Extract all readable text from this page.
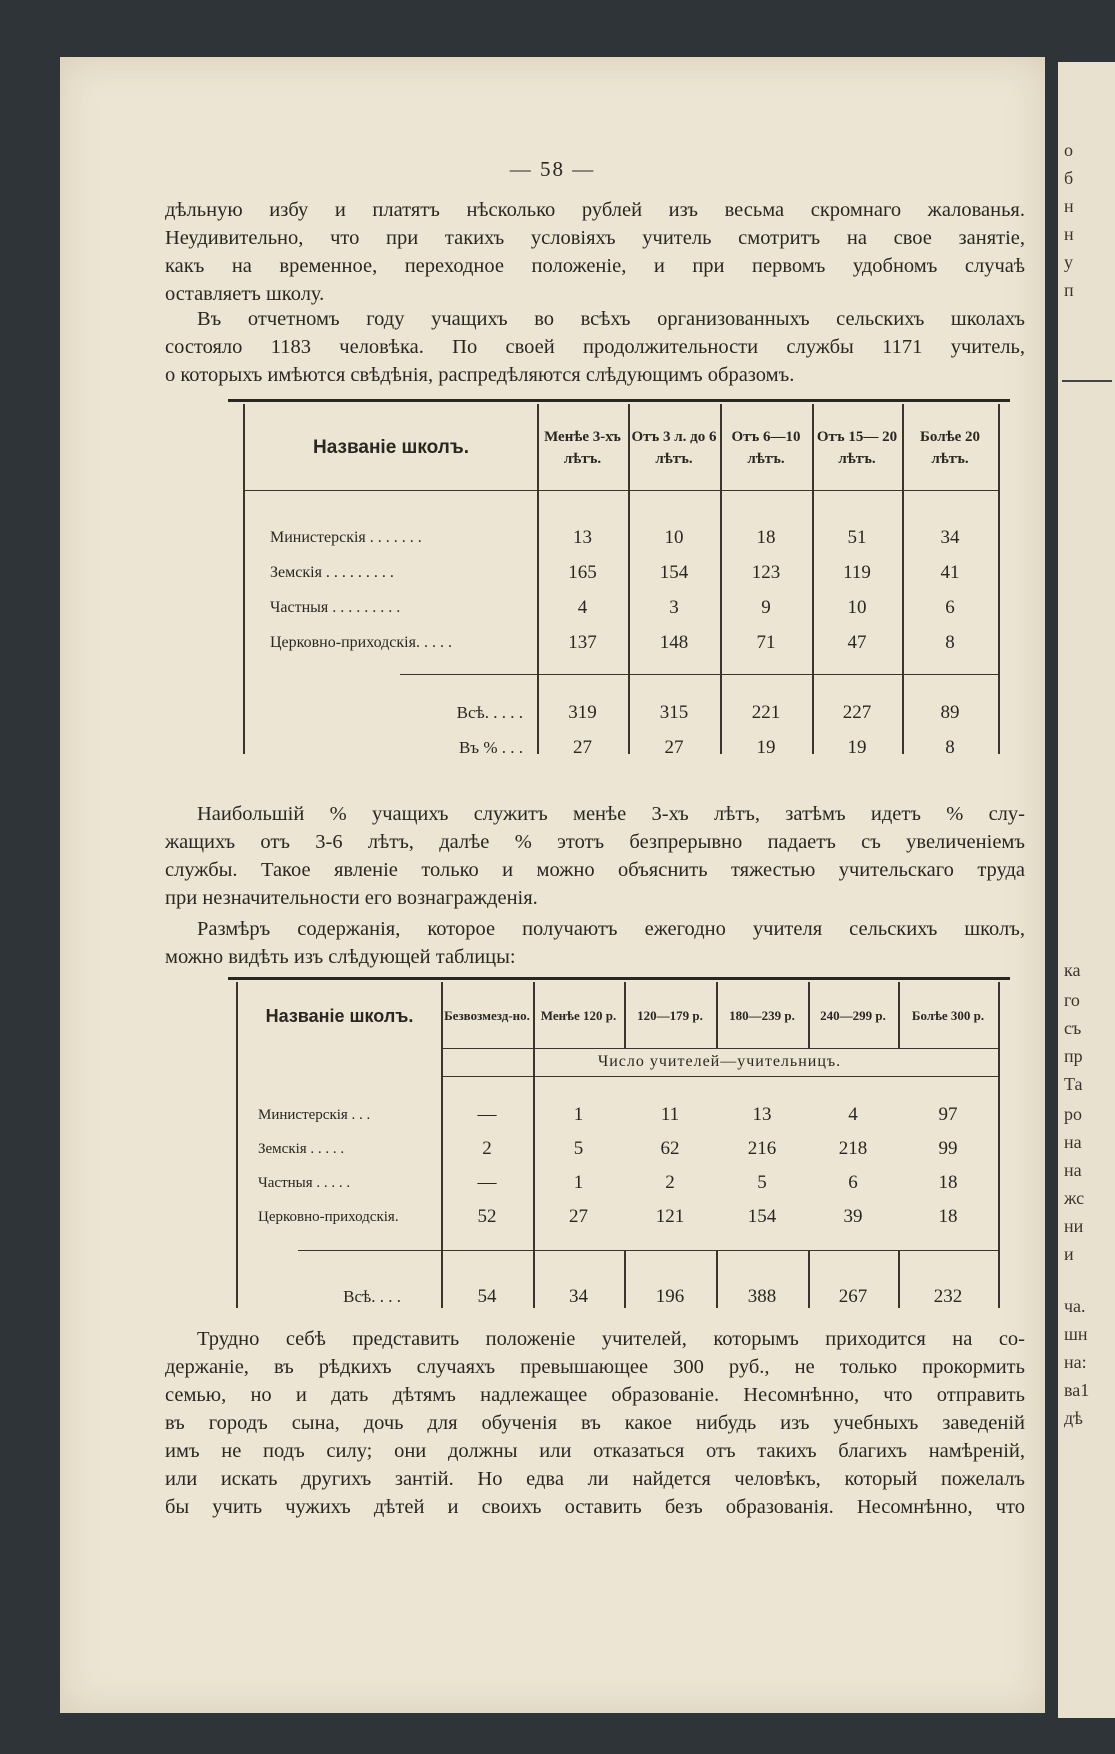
— 58 —
о
б
н
н
у
п
ка
го
съ
пр
Та
ро
на
на
жс
ни
и
ча.
шн
на:
ва1
дѣ
дѣльную избу и платятъ нѣсколько рублей изъ весьма скромнаго жалованья.
Неудивительно, что при такихъ условіяхъ учитель смотритъ на свое занятіе,
какъ на временное, переходное положеніе, и при первомъ удобномъ случаѣ
оставляетъ школу.
Въ отчетномъ году учащихъ во всѣхъ организованныхъ сельскихъ школахъ
состояло 1183 человѣка. По своей продолжительности службы 1171 учитель,
о которыхъ имѣются свѣдѣнія, распредѣляются слѣдующимъ образомъ.
Названіе школъ.	Менѣе 3-хъ лѣтъ.	Отъ 3 л. до 6 лѣтъ.	Отъ 6—10 лѣтъ.	Отъ 15— 20 лѣтъ.	Болѣе 20 лѣтъ.

Министерскія . . . . . . .	13	10	18	51	34
Земскія . . . . . . . . .	165	154	123	119	41
Частныя . . . . . . . . .	4	3	9	10	6
Церковно-приходскія. . . . .	137	148	71	47	8

Всѣ. . . . .	319	315	221	227	89
Въ % . . .	27	27	19	19	8
Наибольшій % учащихъ служитъ менѣе 3-хъ лѣтъ, затѣмъ идетъ % слу-
жащихъ отъ 3-6 лѣтъ, далѣе % этотъ безпрерывно падаетъ съ увеличеніемъ
службы. Такое явленіе только и можно объяснить тяжестью учительскаго труда
при незначительности его вознагражденія.
Размѣръ содержанія, которое получаютъ ежегодно учителя сельскихъ школъ,
можно видѣть изъ слѣдующей таблицы:
Названіе школъ.	Безвозмезд-но.	Менѣе 120 р.	120—179 р.	180—239 р.	240—299 р.	Болѣе 300 р.
	Число учителей—учительницъ.					

Министерскія . . .	—	1	11	13	4	97
Земскія . . . . .	2	5	62	216	218	99
Частныя . . . . .	—	1	2	5	6	18
Церковно-приходскія.	52	27	121	154	39	18

Всѣ. . . .	54	34	196	388	267	232
Трудно себѣ представить положеніе учителей, которымъ приходится на со-
держаніе, въ рѣдкихъ случаяхъ превышающее 300 руб., не только прокормить
семью, но и дать дѣтямъ надлежащее образованіе. Несомнѣнно, что отправить
въ городъ сына, дочь для обученія въ какое нибудь изъ учебныхъ заведеній
имъ не подъ силу; они должны или отказаться отъ такихъ благихъ намѣреній,
или искать другихъ зантій. Но едва ли найдется человѣкъ, который пожелалъ
бы учить чужихъ дѣтей и своихъ оставить безъ образованія. Несомнѣнно, что
